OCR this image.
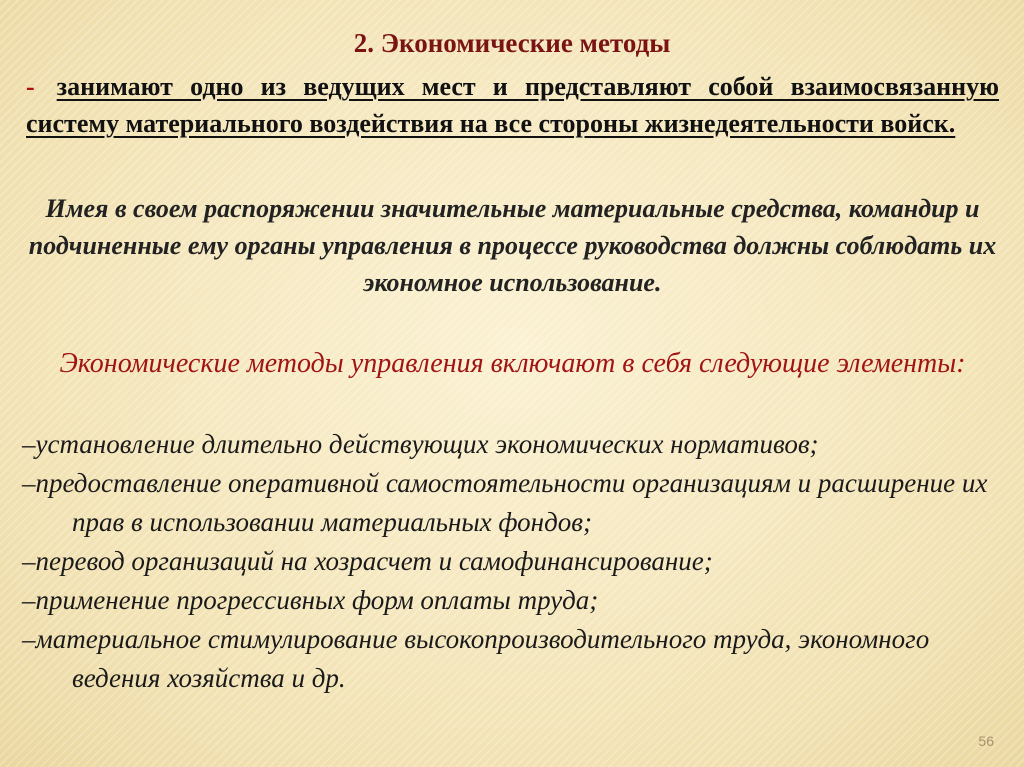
2. Экономические методы
- занимают одно из ведущих мест и представляют собой взаимосвязанную систему материального воздействия на все стороны жизнедеятельности войск.
Имея в своем распоряжении значительные материальные средства, командир и подчиненные ему органы управления в процессе руководства должны соблюдать их экономное использование.
Экономические методы управления включают в себя следующие элементы:
–установление длительно действующих экономических нормативов;
–предоставление оперативной самостоятельности организациям и расширение их прав в использовании материальных фондов;
–перевод организаций на хозрасчет и самофинансирование;
–применение прогрессивных форм оплаты труда;
–материальное стимулирование высокопроизводительного труда, экономного ведения хозяйства и др.
56
